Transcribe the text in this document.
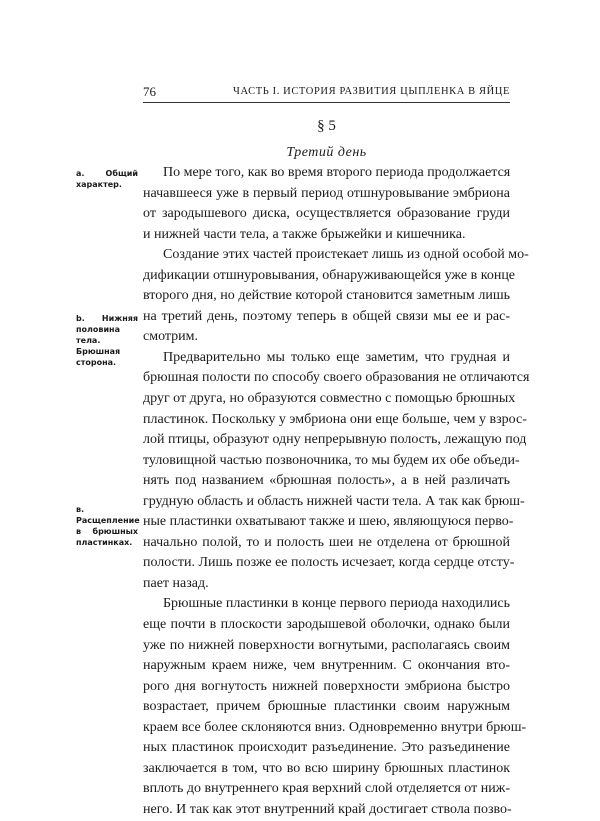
76	ЧАСТЬ I. ИСТОРИЯ РАЗВИТИЯ ЦЫПЛЕНКА В ЯЙЦЕ
§ 5
Третий день
a. Общий характер.
b. Нижняя половина тела. Брюшная сторона.
в. Расщепление в брюшных пластинках.
По мере того, как во время второго периода продолжается
начавшееся уже в первый период отшнуровывание эмбриона
от зародышевого диска, осуществляется образование груди
и нижней части тела, а также брыжейки и кишечника.
Создание этих частей проистекает лишь из одной особой мо-
дификации отшнуровывания, обнаруживающейся уже в конце
второго дня, но действие которой становится заметным лишь
на третий день, поэтому теперь в общей связи мы ее и рас-
смотрим.
Предварительно мы только еще заметим, что грудная и
брюшная полости по способу своего образования не отличаются
друг от друга, но образуются совместно с помощью брюшных
пластинок. Поскольку у эмбриона они еще больше, чем у взрос-
лой птицы, образуют одну непрерывную полость, лежащую под
туловищной частью позвоночника, то мы будем их обе объеди-
нять под названием «брюшная полость», а в ней различать
грудную область и область нижней части тела. А так как брюш-
ные пластинки охватывают также и шею, являющуюся перво-
начально полой, то и полость шеи не отделена от брюшной
полости. Лишь позже ее полость исчезает, когда сердце отсту-
пает назад.
Брюшные пластинки в конце первого периода находились
еще почти в плоскости зародышевой оболочки, однако были
уже по нижней поверхности вогнутыми, располагаясь своим
наружным краем ниже, чем внутренним. С окончания вто-
рого дня вогнутость нижней поверхности эмбриона быстро
возрастает, причем брюшные пластинки своим наружным
краем все более склоняются вниз. Одновременно внутри брюш-
ных пластинок происходит разъединение. Это разъединение
заключается в том, что во всю ширину брюшных пластинок
вплоть до внутреннего края верхний слой отделяется от ниж-
него. И так как этот внутренний край достигает ствола позво-
